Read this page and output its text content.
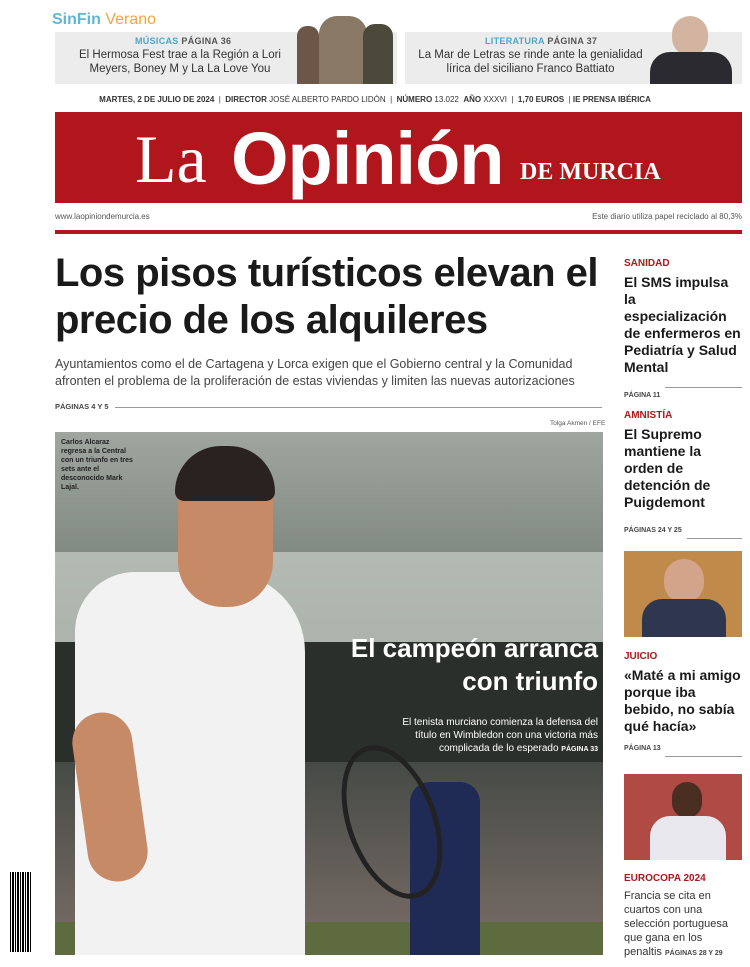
SinFin Verano
MÚSICAS PÁGINA 36
El Hermosa Fest trae a la Región a Lori Meyers, Boney M y La La Love You
LITERATURA PÁGINA 37
La Mar de Letras se rinde ante la genialidad lírica del siciliano Franco Battiato
MARTES, 2 DE JULIO DE 2024  |  DIRECTOR JOSÉ ALBERTO PARDO LIDÓN  |  NÚMERO 13.022 AÑO XXXVI  |  1,70 EUROS  | IE PRENSA IBÉRICA
La Opinión DE MURCIA
www.laopiniondemurcia.es	Este diario utiliza papel reciclado al 80,3%
Los pisos turísticos elevan el precio de los alquileres
Ayuntamientos como el de Cartagena y Lorca exigen que el Gobierno central y la Comunidad afronten el problema de la proliferación de estas viviendas y limiten las nuevas autorizaciones
PÁGINAS 4 Y 5
Tolga Akmen / EFE
Carlos Alcaraz regresa a la Central con un triunfo en tres sets ante el desconocido Mark Lajal.
El campeón arranca con triunfo
El tenista murciano comienza la defensa del título en Wimbledon con una victoria más complicada de lo esperado PÁGINA 33
SANIDAD
El SMS impulsa la especialización de enfermeros en Pediatría y Salud Mental
PÁGINA 11
AMNISTÍA
El Supremo mantiene la orden de detención de Puigdemont
PÁGINAS 24 Y 25
JUICIO
«Maté a mi amigo porque iba bebido, no sabía qué hacía»
PÁGINA 13
EUROCOPA 2024
Francia se cita en cuartos con una selección portuguesa que gana en los penaltis PÁGINAS 28 Y 29
